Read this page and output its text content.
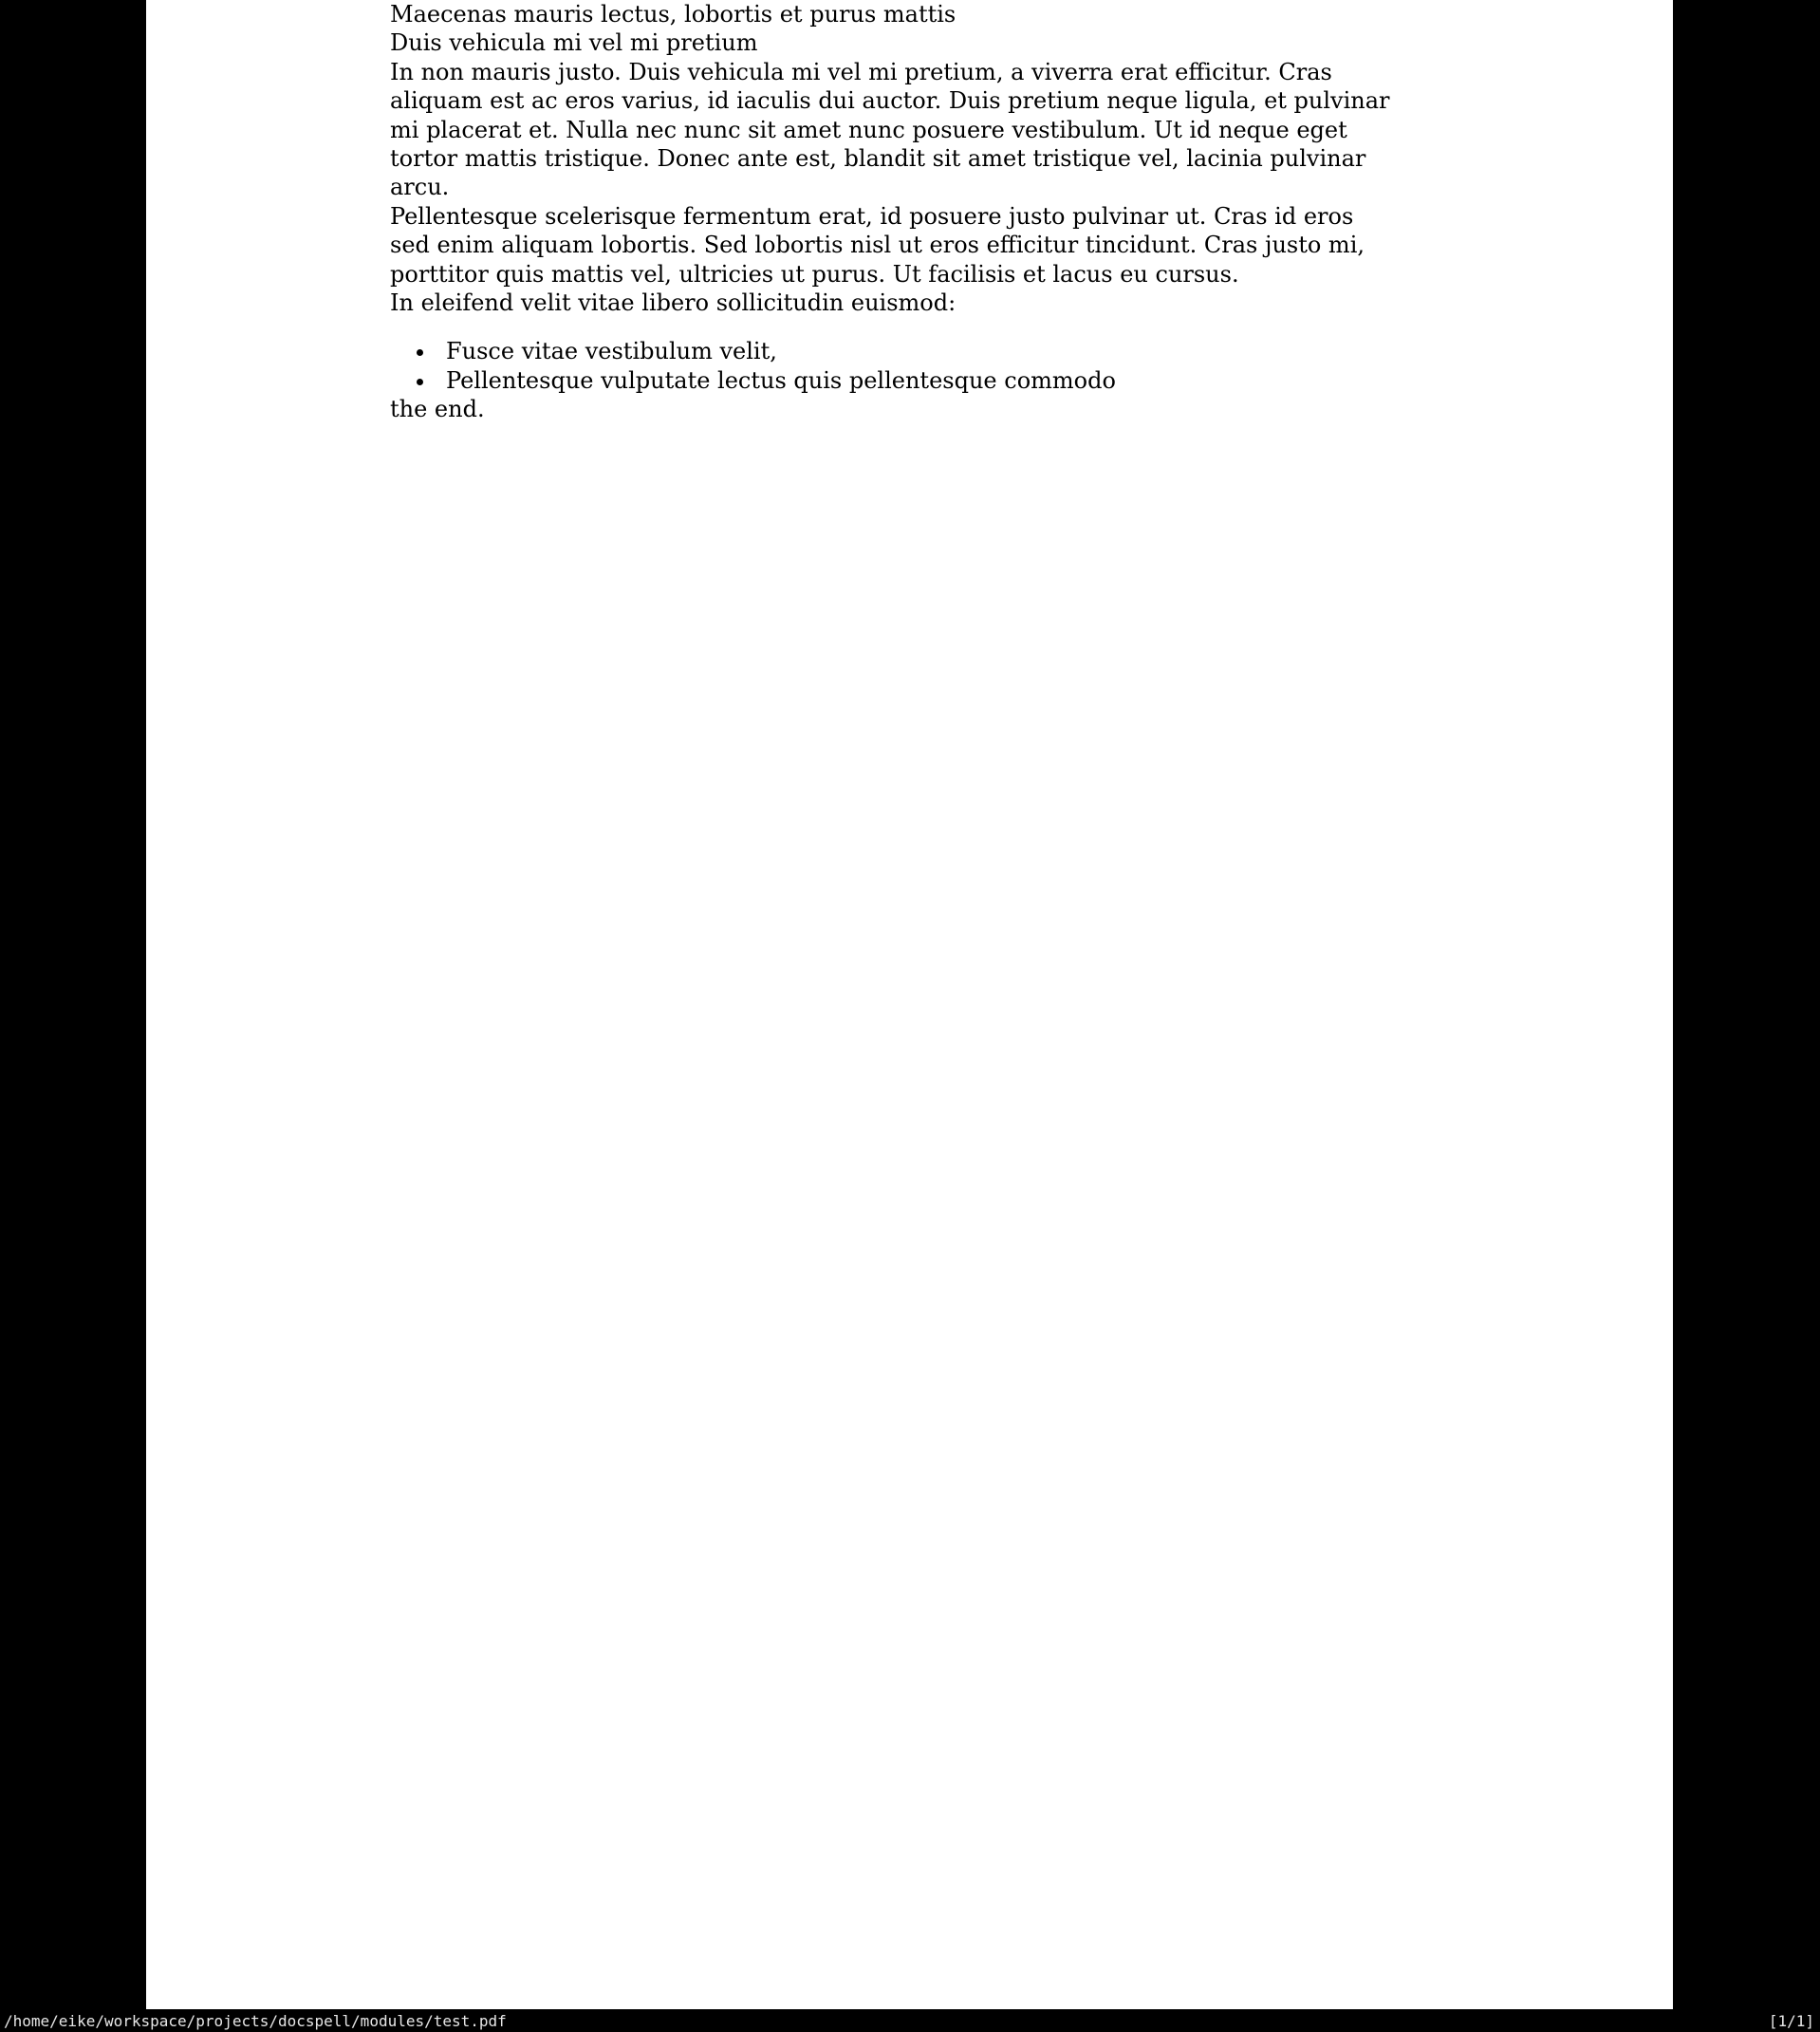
Maecenas mauris lectus, lobortis et purus mattis

Duis vehicula mi vel mi pretium

In non mauris justo. Duis vehicula mi vel mi pretium, a viverra erat efficitur. Cras
aliquam est ac eros varius, id iaculis dui auctor. Duis pretium neque ligula, et pulvinar
mi placerat et. Nulla nec nunc sit amet nunc posuere vestibulum. Ut id neque eget
tortor mattis tristique. Donec ante est, blandit sit amet tristique vel, lacinia pulvinar
arcu.

Pellentesque scelerisque fermentum erat, id posuere justo pulvinar ut. Cras id eros
sed enim aliquam lobortis. Sed lobortis nisl ut eros efficitur tincidunt. Cras justo mi,
porttitor quis mattis vel, ultricies ut purus. Ut facilisis et lacus eu cursus.

In eleifend velit vitae libero sollicitudin euismod:

• Fusce vitae vestibulum velit,
• Pellentesque vulputate lectus quis pellentesque commodo

the end.

/home/eike/workspace/projects/docspell/modules/test.pdf	[1/1]
